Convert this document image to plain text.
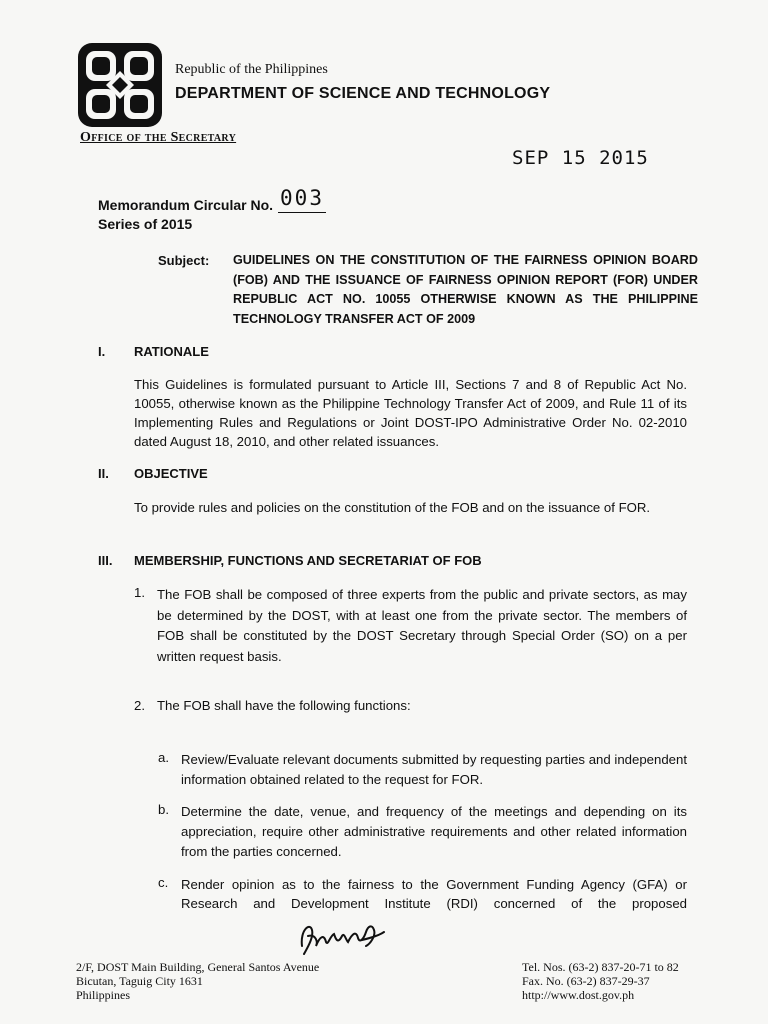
Republic of the Philippines
DEPARTMENT OF SCIENCE AND TECHNOLOGY
Office of the Secretary
SEP 15 2015
Memorandum Circular No. 003
Series of 2015
Subject: GUIDELINES ON THE CONSTITUTION OF THE FAIRNESS OPINION BOARD (FOB) AND THE ISSUANCE OF FAIRNESS OPINION REPORT (FOR) UNDER REPUBLIC ACT NO. 10055 OTHERWISE KNOWN AS THE PHILIPPINE TECHNOLOGY TRANSFER ACT OF 2009
I. RATIONALE
This Guidelines is formulated pursuant to Article III, Sections 7 and 8 of Republic Act No. 10055, otherwise known as the Philippine Technology Transfer Act of 2009, and Rule 11 of its Implementing Rules and Regulations or Joint DOST-IPO Administrative Order No. 02-2010 dated August 18, 2010, and other related issuances.
II. OBJECTIVE
To provide rules and policies on the constitution of the FOB and on the issuance of FOR.
III. MEMBERSHIP, FUNCTIONS AND SECRETARIAT OF FOB
1. The FOB shall be composed of three experts from the public and private sectors, as may be determined by the DOST, with at least one from the private sector. The members of FOB shall be constituted by the DOST Secretary through Special Order (SO) on a per written request basis.
2. The FOB shall have the following functions:
a. Review/Evaluate relevant documents submitted by requesting parties and independent information obtained related to the request for FOR.
b. Determine the date, venue, and frequency of the meetings and depending on its appreciation, require other administrative requirements and other related information from the parties concerned.
c. Render opinion as to the fairness to the Government Funding Agency (GFA) or Research and Development Institute (RDI) concerned of the proposed
2/F, DOST Main Building, General Santos Avenue
Bicutan, Taguig City 1631
Philippines
Tel. Nos. (63-2) 837-20-71 to 82
Fax. No. (63-2) 837-29-37
http://www.dost.gov.ph
